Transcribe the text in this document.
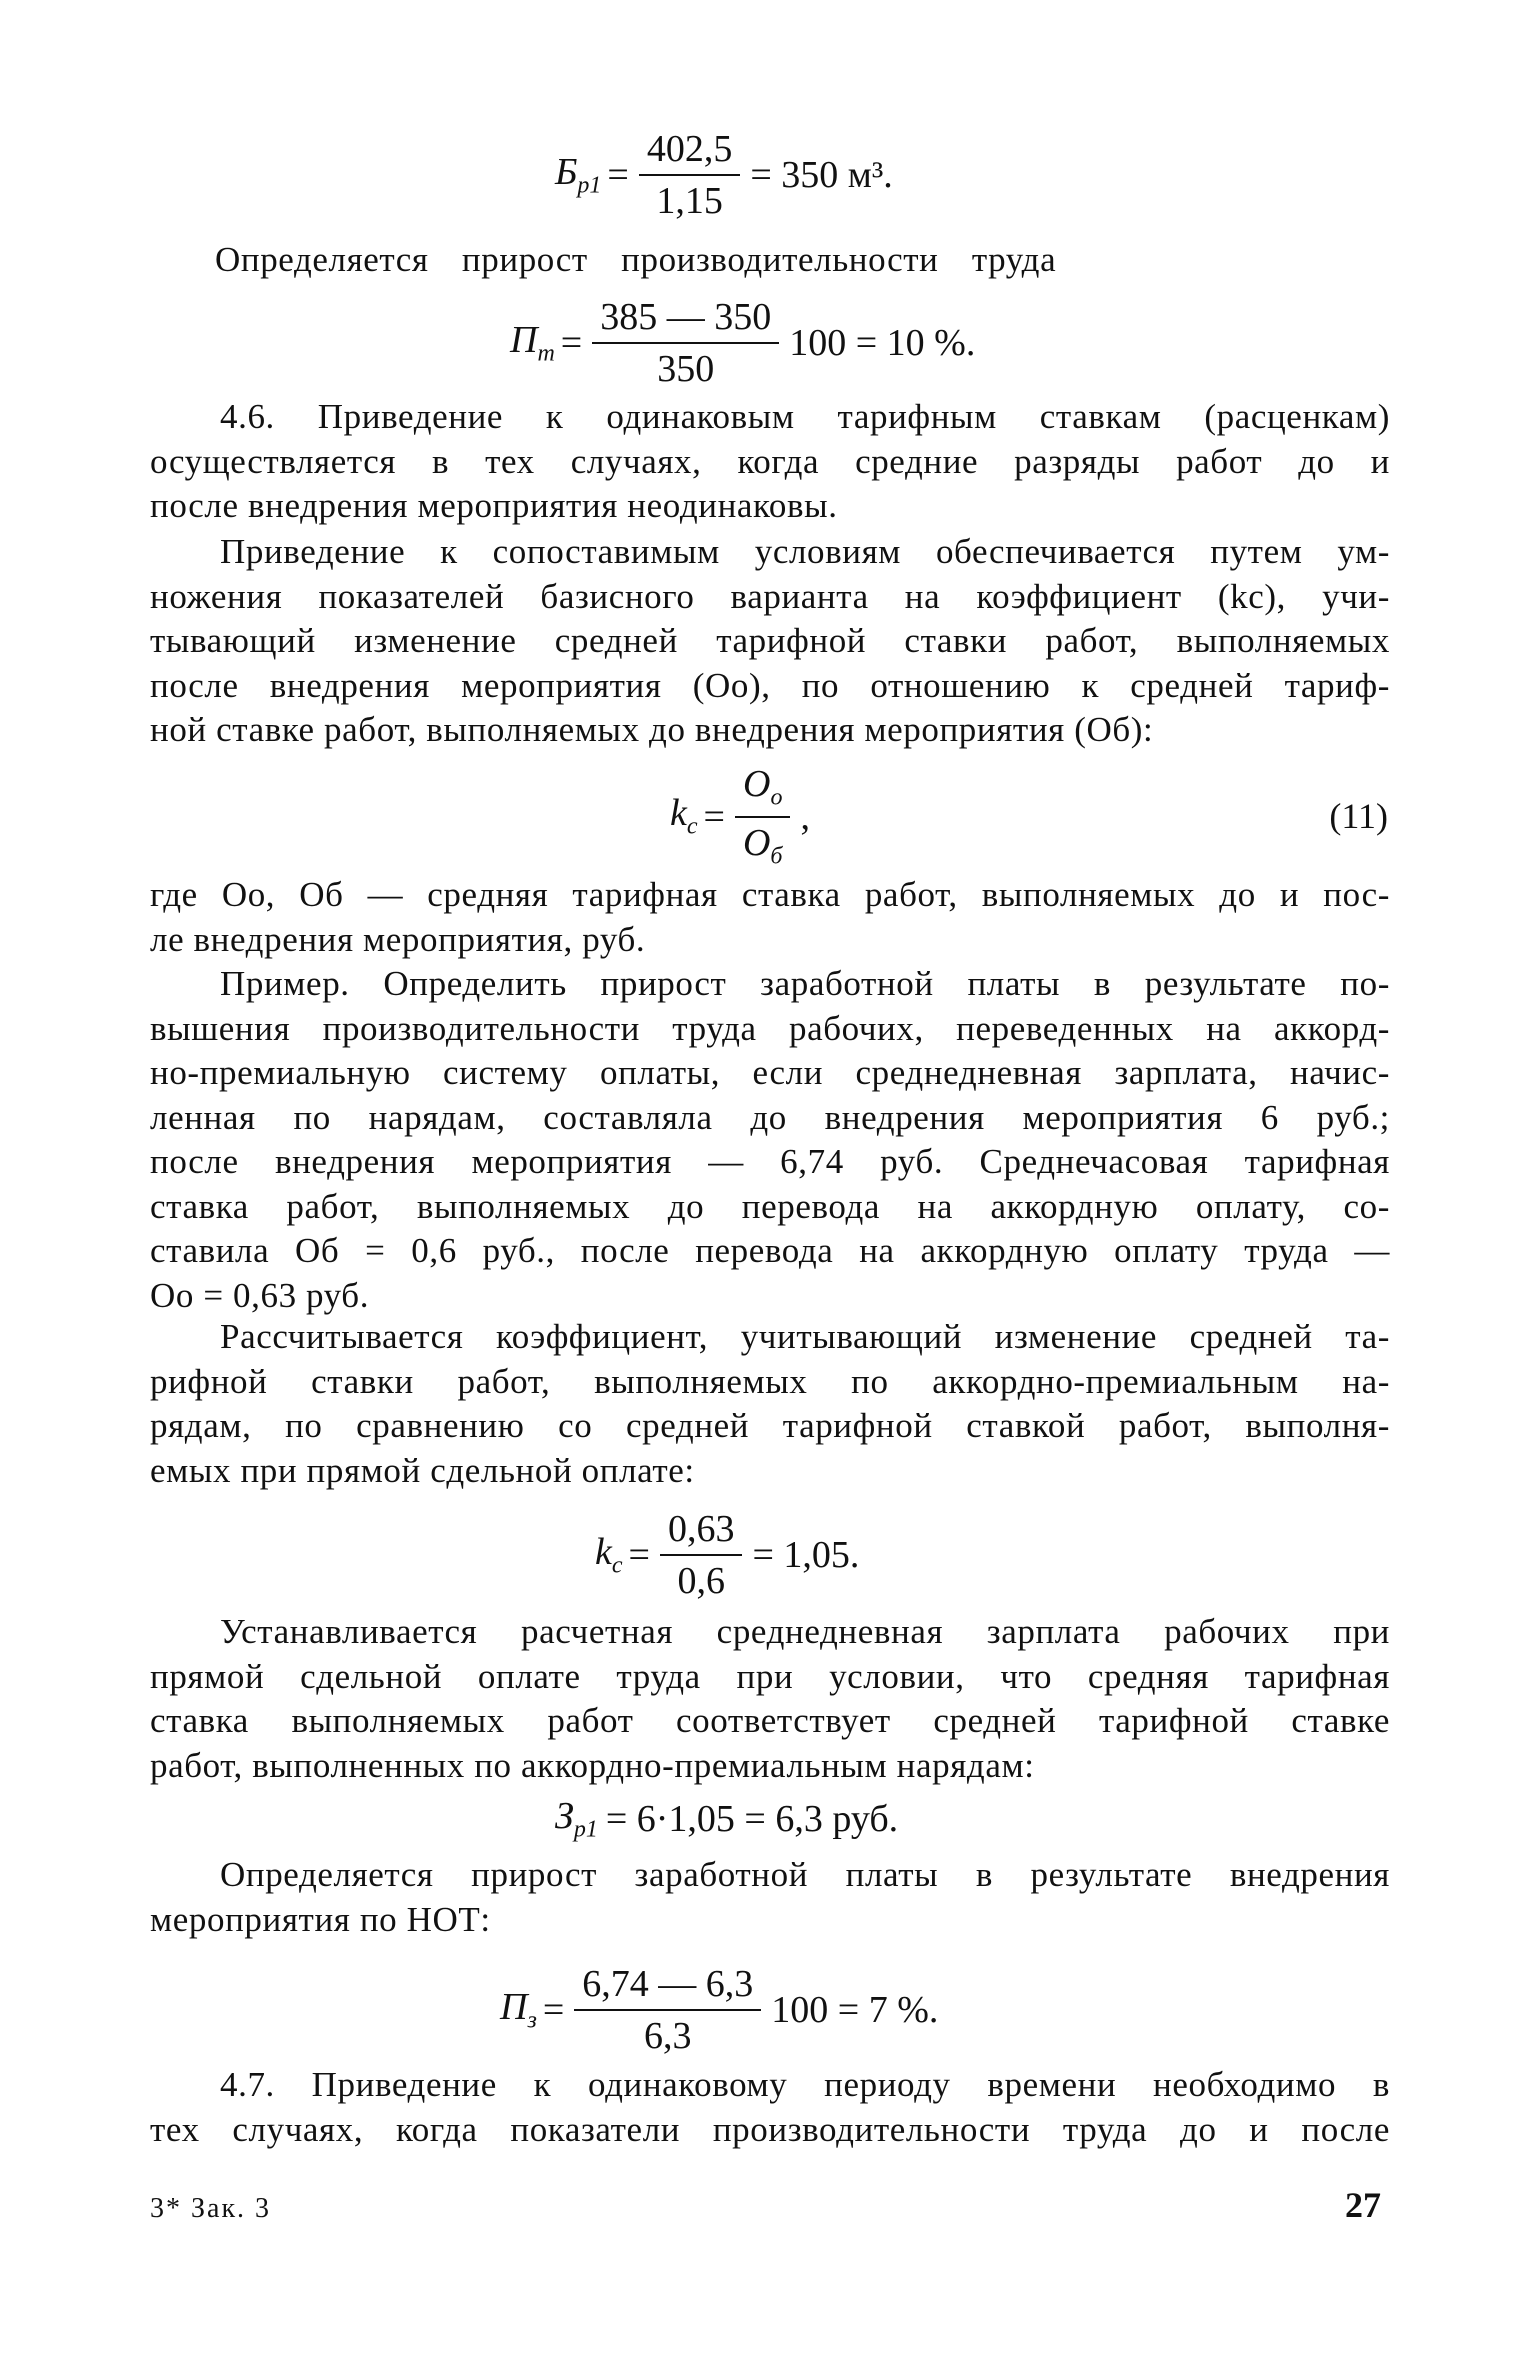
$Б_{р1} = \frac{402,5}{1,15} = 350$ м³.

Определяется прирост производительности труда

$П_т = \frac{385 — 350}{350} 100 = 10$ %.

4.6. Приведение к одинаковым тарифным ставкам (расценкам)
осуществляется в тех случаях, когда средние разряды работ до и
после внедрения мероприятия неодинаковы.

Приведение к сопоставимым условиям обеспечивается путем ум-
ножения показателей базисного варианта на коэффициент (kс), учи-
тывающий изменение средней тарифной ставки работ, выполняемых
после внедрения мероприятия (Оо), по отношению к средней тариф-
ной ставке работ, выполняемых до внедрения мероприятия (Об):

$k_с = \frac{О_о}{О_б}$ ,	(11)

где Оо, Об — средняя тарифная ставка работ, выполняемых до и пос-
ле внедрения мероприятия, руб.

Пример. Определить прирост заработной платы в результате по-
вышения производительности труда рабочих, переведенных на аккорд-
но-премиальную систему оплаты, если среднедневная зарплата, начис-
ленная по нарядам, составляла до внедрения мероприятия 6 руб.;
после внедрения мероприятия — 6,74 руб. Среднечасовая тарифная
ставка работ, выполняемых до перевода на аккордную оплату, со-
ставила Об = 0,6 руб., после перевода на аккордную оплату труда —
Оо = 0,63 руб.

Рассчитывается коэффициент, учитывающий изменение средней та-
рифной ставки работ, выполняемых по аккордно-премиальным на-
рядам, по сравнению со средней тарифной ставкой работ, выполня-
емых при прямой сдельной оплате:

$k_с = \frac{0,63}{0,6} = 1,05$.

Устанавливается расчетная среднедневная зарплата рабочих при
прямой сдельной оплате труда при условии, что средняя тарифная
ставка выполняемых работ соответствует средней тарифной ставке
работ, выполненных по аккордно-премиальным нарядам:

$З_{р1} = 6\cdot 1,05 = 6,3$ руб.

Определяется прирост заработной платы в результате внедрения
мероприятия по НОТ:

$П_з = \frac{6,74 — 6,3}{6,3} 100 = 7$ %.

4.7. Приведение к одинаковому периоду времени необходимо в
тех случаях, когда показатели производительности труда до и после

3* Зак. 3	27
